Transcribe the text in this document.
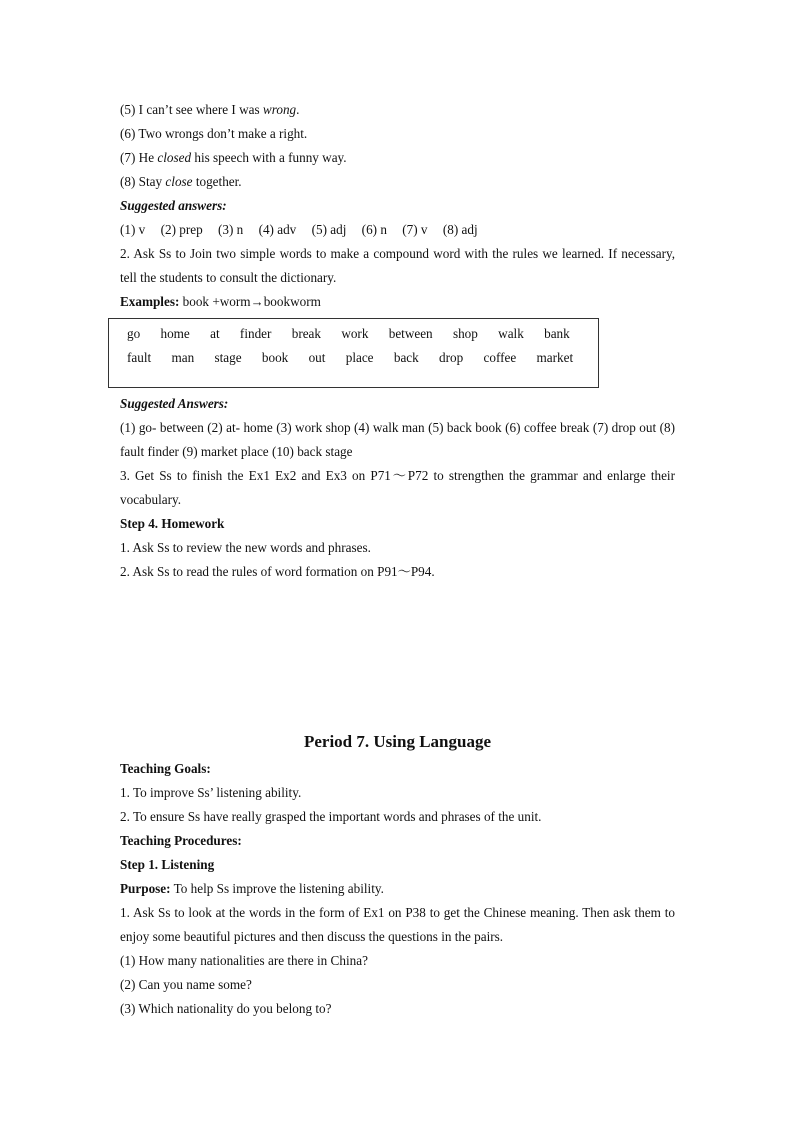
(5) I can’t see where I was wrong.
(6) Two wrongs don’t make a right.
(7) He closed his speech with a funny way.
(8) Stay close together.
Suggested answers:
(1) v (2) prep (3) n (4) adv (5) adj (6) n (7) v (8) adj
2. Ask Ss to Join two simple words to make a compound word with the rules we learned. If necessary, tell the students to consult the dictionary.
Examples: book +worm→bookworm
go home at finder break work between shop walk bank
fault man stage book out place back drop coffee market
Suggested Answers:
(1) go- between (2) at- home (3) work shop (4) walk man (5) back book (6) coffee break (7) drop out (8) fault finder (9) market place (10) back stage
3. Get Ss to finish the Ex1 Ex2 and Ex3 on P71～P72 to strengthen the grammar and enlarge their vocabulary.
Step 4. Homework
1. Ask Ss to review the new words and phrases.
2. Ask Ss to read the rules of word formation on P91～P94.
Period 7. Using Language
Teaching Goals:
1. To improve Ss’ listening ability.
2. To ensure Ss have really grasped the important words and phrases of the unit.
Teaching Procedures:
Step 1. Listening
Purpose: To help Ss improve the listening ability.
1. Ask Ss to look at the words in the form of Ex1 on P38 to get the Chinese meaning. Then ask them to enjoy some beautiful pictures and then discuss the questions in the pairs.
(1) How many nationalities are there in China?
(2) Can you name some?
(3) Which nationality do you belong to?
